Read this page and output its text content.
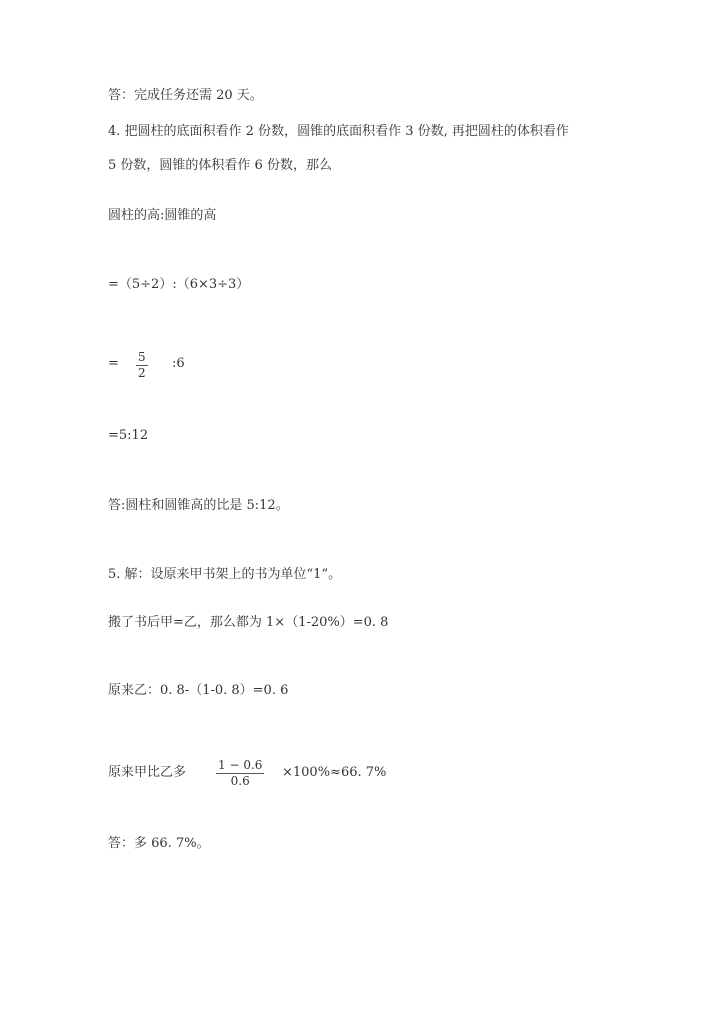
答：完成任务还需 20 天。
4. 把圆柱的底面积看作 2 份数，圆锥的底面积看作 3 份数, 再把圆柱的体积看作
5 份数，圆锥的体积看作 6 份数，那么
圆柱的高:圆锥的高
=（5÷2）:（6×3÷3）
= 5
2
:6
=5:12
答:圆柱和圆锥高的比是 5:12。
5. 解：设原来甲书架上的书为单位“1”。
搬了书后甲=乙，那么都为 1×（1-20%）=0. 8
原来乙：0. 8-（1-0. 8）=0. 6
原来甲比乙多	1 − 0.6
0.6
×100%≈66. 7%
答：多 66. 7%。
